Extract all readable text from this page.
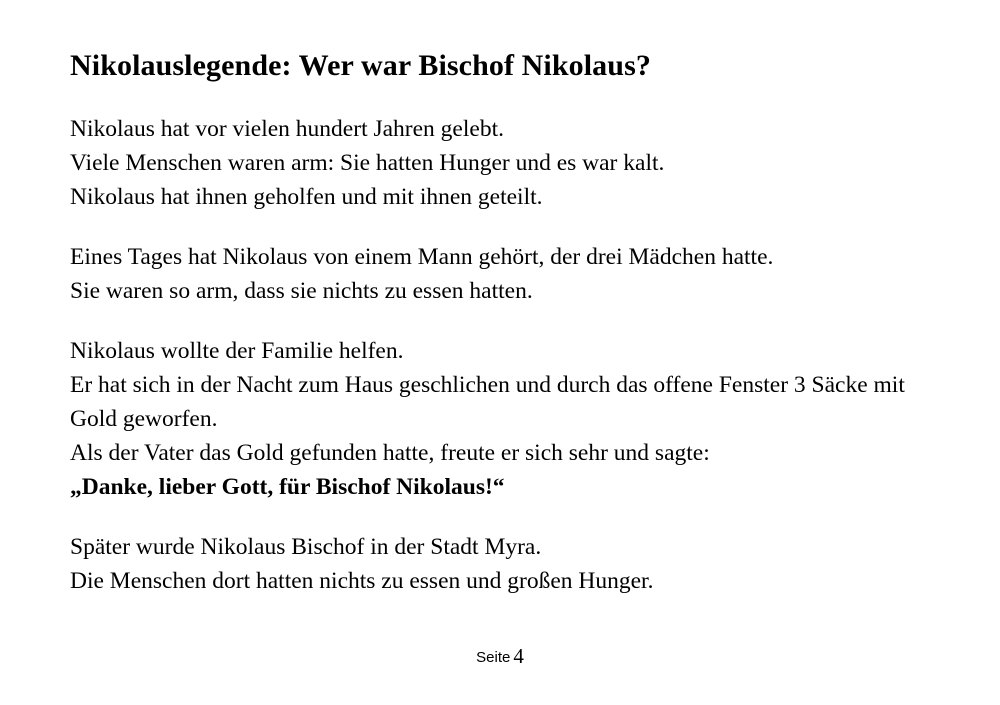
Nikolauslegende: Wer war Bischof Nikolaus?
Nikolaus hat vor vielen hundert Jahren gelebt.
Viele Menschen waren arm: Sie hatten Hunger und es war kalt.
Nikolaus hat ihnen geholfen und mit ihnen geteilt.
Eines Tages hat Nikolaus von einem Mann gehört, der drei Mädchen hatte.
Sie waren so arm, dass sie nichts zu essen hatten.
Nikolaus wollte der Familie helfen.
Er hat sich in der Nacht zum Haus geschlichen und durch das offene Fenster 3 Säcke mit Gold geworfen.
Als der Vater das Gold gefunden hatte, freute er sich sehr und sagte:
„Danke, lieber Gott, für Bischof Nikolaus!“
Später wurde Nikolaus Bischof in der Stadt Myra.
Die Menschen dort hatten nichts zu essen und großen Hunger.
Seite 4
